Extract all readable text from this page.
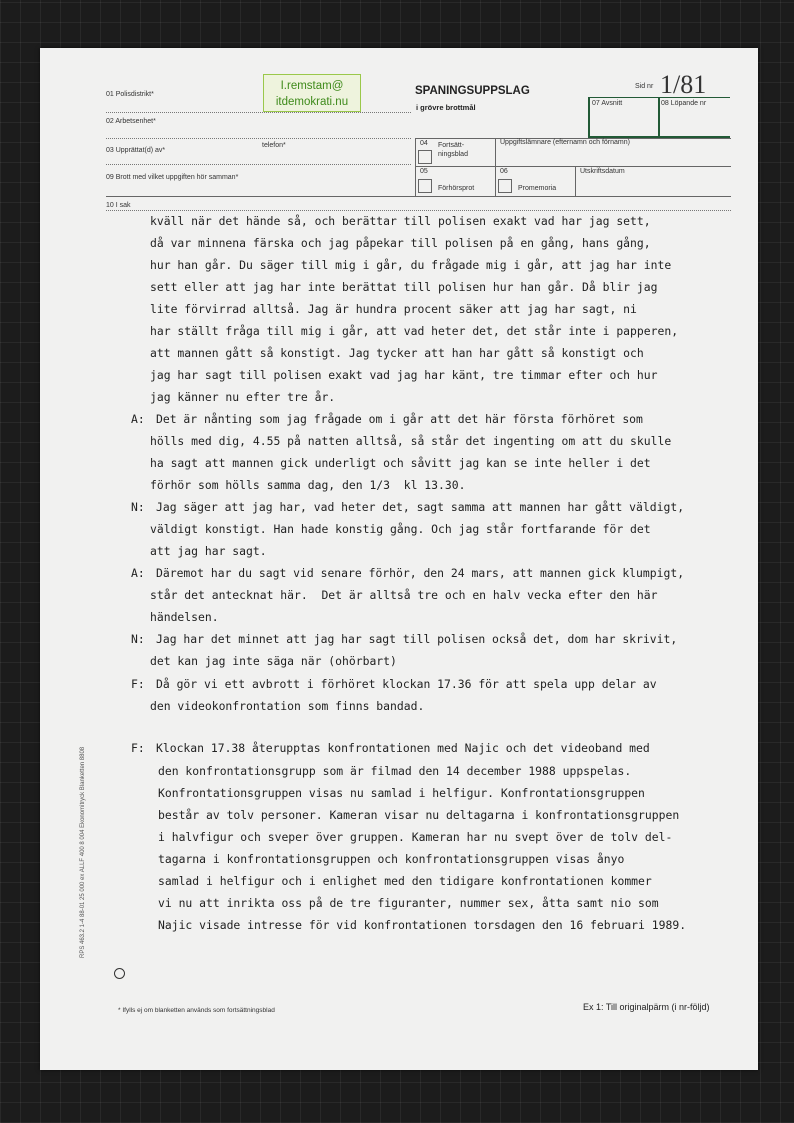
01 Polisdistrikt*
02 Arbetsenhet*
03 Upprättat(d) av*
telefon*
09 Brott med vilket uppgiften hör samman*
10 I sak
I.remstam@
itdemokrati.nu
SPANINGSUPPSLAG
i grövre brottmål
Sid nr 1/81
07 Avsnitt	08 Löpande nr
04 Fortsätt-
ningsblad
Uppgiftslämnare (efternamn och förnamn)
05
Förhörsprot
06
Promemoria
Utskriftsdatum
RPS 463.2 1-4 88-01 25 000 ex ALLF 400 8 004 Ekonomitryck Blanketten 8808
* Ifylls ej om blanketten används som fortsättningsblad	Ex 1: Till originalpärm (i nr-följd)
kväll när det hände så, och berättar till polisen exakt vad har jag sett,
då var minnena färska och jag påpekar till polisen på en gång, hans gång,
hur han går. Du säger till mig i går, du frågade mig i går, att jag har inte
sett eller att jag har inte berättat till polisen hur han går. Då blir jag
lite förvirrad alltså. Jag är hundra procent säker att jag har sagt, ni
har ställt fråga till mig i går, att vad heter det, det står inte i papperen,
att mannen gått så konstigt. Jag tycker att han har gått så konstigt och
jag har sagt till polisen exakt vad jag har känt, tre timmar efter och hur
jag känner nu efter tre år.
A: Det är nånting som jag frågade om i går att det här första förhöret som
hölls med dig, 4.55 på natten alltså, så står det ingenting om att du skulle
ha sagt att mannen gick underligt och såvitt jag kan se inte heller i det
förhör som hölls samma dag, den 1/3  kl 13.30.
N: Jag säger att jag har, vad heter det, sagt samma att mannen har gått väldigt,
väldigt konstigt. Han hade konstig gång. Och jag står fortfarande för det
att jag har sagt.
A: Däremot har du sagt vid senare förhör, den 24 mars, att mannen gick klumpigt,
står det antecknat här.  Det är alltså tre och en halv vecka efter den här
händelsen.
N: Jag har det minnet att jag har sagt till polisen också det, dom har skrivit,
det kan jag inte säga när (ohörbart)
F: Då gör vi ett avbrott i förhöret klockan 17.36 för att spela upp delar av
den videokonfrontation som finns bandad.
F: Klockan 17.38 återupptas konfrontationen med Najic och det videoband med
den konfrontationsgrupp som är filmad den 14 december 1988 uppspelas.
Konfrontationsgruppen visas nu samlad i helfigur. Konfrontationsgruppen
består av tolv personer. Kameran visar nu deltagarna i konfrontationsgruppen
i halvfigur och sveper över gruppen. Kameran har nu svept över de tolv del-
tagarna i konfrontationsgruppen och konfrontationsgruppen visas ånyo
samlad i helfigur och i enlighet med den tidigare konfrontationen kommer
vi nu att inrikta oss på de tre figuranter, nummer sex, åtta samt nio som
Najic visade intresse för vid konfrontationen torsdagen den 16 februari 1989.
